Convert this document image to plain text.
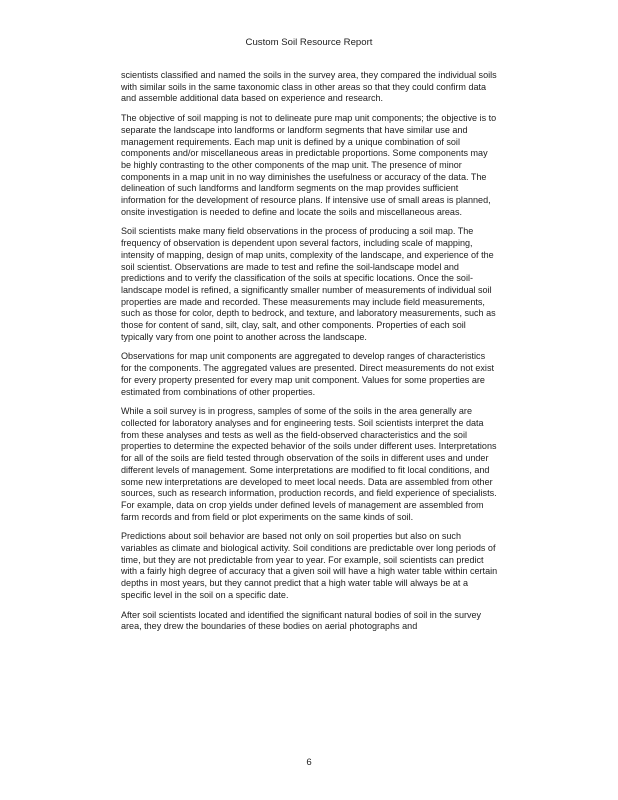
Custom Soil Resource Report

scientists classified and named the soils in the survey area, they compared the individual soils with similar soils in the same taxonomic class in other areas so that they could confirm data and assemble additional data based on experience and research.

The objective of soil mapping is not to delineate pure map unit components; the objective is to separate the landscape into landforms or landform segments that have similar use and management requirements. Each map unit is defined by a unique combination of soil components and/or miscellaneous areas in predictable proportions. Some components may be highly contrasting to the other components of the map unit. The presence of minor components in a map unit in no way diminishes the usefulness or accuracy of the data. The delineation of such landforms and landform segments on the map provides sufficient information for the development of resource plans. If intensive use of small areas is planned, onsite investigation is needed to define and locate the soils and miscellaneous areas.

Soil scientists make many field observations in the process of producing a soil map. The frequency of observation is dependent upon several factors, including scale of mapping, intensity of mapping, design of map units, complexity of the landscape, and experience of the soil scientist. Observations are made to test and refine the soil-landscape model and predictions and to verify the classification of the soils at specific locations. Once the soil-landscape model is refined, a significantly smaller number of measurements of individual soil properties are made and recorded. These measurements may include field measurements, such as those for color, depth to bedrock, and texture, and laboratory measurements, such as those for content of sand, silt, clay, salt, and other components. Properties of each soil typically vary from one point to another across the landscape.

Observations for map unit components are aggregated to develop ranges of characteristics for the components. The aggregated values are presented. Direct measurements do not exist for every property presented for every map unit component. Values for some properties are estimated from combinations of other properties.

While a soil survey is in progress, samples of some of the soils in the area generally are collected for laboratory analyses and for engineering tests. Soil scientists interpret the data from these analyses and tests as well as the field-observed characteristics and the soil properties to determine the expected behavior of the soils under different uses. Interpretations for all of the soils are field tested through observation of the soils in different uses and under different levels of management. Some interpretations are modified to fit local conditions, and some new interpretations are developed to meet local needs. Data are assembled from other sources, such as research information, production records, and field experience of specialists. For example, data on crop yields under defined levels of management are assembled from farm records and from field or plot experiments on the same kinds of soil.

Predictions about soil behavior are based not only on soil properties but also on such variables as climate and biological activity. Soil conditions are predictable over long periods of time, but they are not predictable from year to year. For example, soil scientists can predict with a fairly high degree of accuracy that a given soil will have a high water table within certain depths in most years, but they cannot predict that a high water table will always be at a specific level in the soil on a specific date.

After soil scientists located and identified the significant natural bodies of soil in the survey area, they drew the boundaries of these bodies on aerial photographs and

6
